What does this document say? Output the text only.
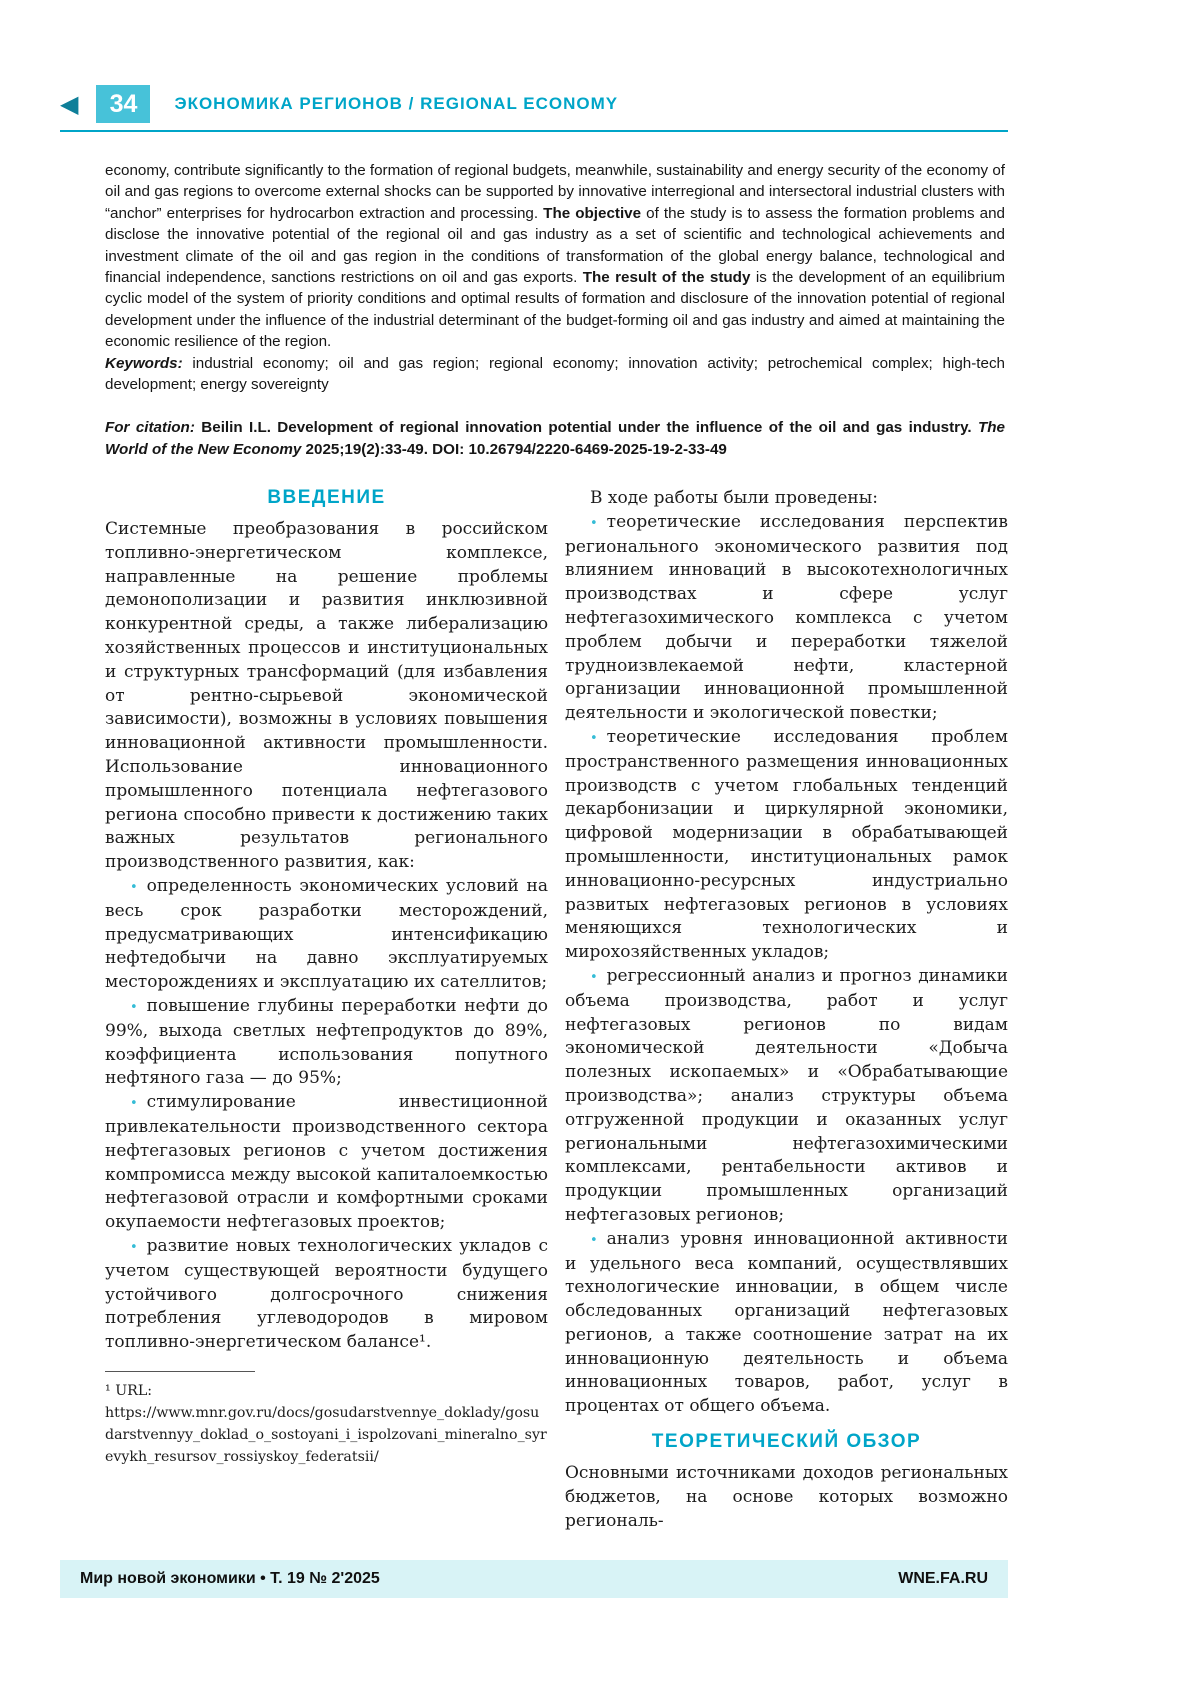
◀	34	ЭКОНОМИКА РЕГИОНОВ / REGIONAL ECONOMY

economy, contribute significantly to the formation of regional budgets, meanwhile, sustainability and energy security of the economy of oil and gas regions to overcome external shocks can be supported by innovative interregional and intersectoral industrial clusters with “anchor” enterprises for hydrocarbon extraction and processing. The objective of the study is to assess the formation problems and disclose the innovative potential of the regional oil and gas industry as a set of scientific and technological achievements and investment climate of the oil and gas region in the conditions of transformation of the global energy balance, technological and financial independence, sanctions restrictions on oil and gas exports. The result of the study is the development of an equilibrium cyclic model of the system of priority conditions and optimal results of formation and disclosure of the innovation potential of regional development under the influence of the industrial determinant of the budget-forming oil and gas industry and aimed at maintaining the economic resilience of the region.

Keywords: industrial economy; oil and gas region; regional economy; innovation activity; petrochemical complex; high-tech development; energy sovereignty

For citation: Beilin I.L. Development of regional innovation potential under the influence of the oil and gas industry. The World of the New Economy 2025;19(2):33-49. DOI: 10.26794/2220-6469-2025-19-2-33-49

ВВЕДЕНИЕ

Системные преобразования в российском топливно-энергетическом комплексе, направленные на решение проблемы демонополизации и развития инклюзивной конкурентной среды, а также либерализацию хозяйственных процессов и институциональных и структурных трансформаций (для избавления от рентно-сырьевой экономической зависимости), возможны в условиях повышения инновационной активности промышленности. Использование инновационного промышленного потенциала нефтегазового региона способно привести к достижению таких важных результатов регионального производственного развития, как:

• определенность экономических условий на весь срок разработки месторождений, предусматривающих интенсификацию нефтедобычи на давно эксплуатируемых месторождениях и эксплуатацию их сателлитов;

• повышение глубины переработки нефти до 99%, выхода светлых нефтепродуктов до 89%, коэффициента использования попутного нефтяного газа — до 95%;

• стимулирование инвестиционной привлекательности производственного сектора нефтегазовых регионов с учетом достижения компромисса между высокой капиталоемкостью нефтегазовой отрасли и комфортными сроками окупаемости нефтегазовых проектов;

• развитие новых технологических укладов с учетом существующей вероятности будущего устойчивого долгосрочного снижения потребления углеводородов в мировом топливно-энергетическом балансе¹.

¹ URL: https://www.mnr.gov.ru/docs/gosudarstvennye_doklady/gosudarstvennyy_doklad_o_sostoyani_i_ispolzovani_mineralno_syrevykh_resursov_rossiyskoy_federatsii/

В ходе работы были проведены:

• теоретические исследования перспектив регионального экономического развития под влиянием инноваций в высокотехнологичных производствах и сфере услуг нефтегазохимического комплекса с учетом проблем добычи и переработки тяжелой трудноизвлекаемой нефти, кластерной организации инновационной промышленной деятельности и экологической повестки;

• теоретические исследования проблем пространственного размещения инновационных производств с учетом глобальных тенденций декарбонизации и циркулярной экономики, цифровой модернизации в обрабатывающей промышленности, институциональных рамок инновационно-ресурсных индустриально развитых нефтегазовых регионов в условиях меняющихся технологических и мирохозяйственных укладов;

• регрессионный анализ и прогноз динамики объема производства, работ и услуг нефтегазовых регионов по видам экономической деятельности «Добыча полезных ископаемых» и «Обрабатывающие производства»; анализ структуры объема отгруженной продукции и оказанных услуг региональными нефтегазохимическими комплексами, рентабельности активов и продукции промышленных организаций нефтегазовых регионов;

• анализ уровня инновационной активности и удельного веса компаний, осуществлявших технологические инновации, в общем числе обследованных организаций нефтегазовых регионов, а также соотношение затрат на их инновационную деятельность и объема инновационных товаров, работ, услуг в процентах от общего объема.

ТЕОРЕТИЧЕСКИЙ ОБЗОР

Основными источниками доходов региональных бюджетов, на основе которых возможно региональ-

Мир новой экономики • Т. 19 № 2'2025	WNE.FA.RU
